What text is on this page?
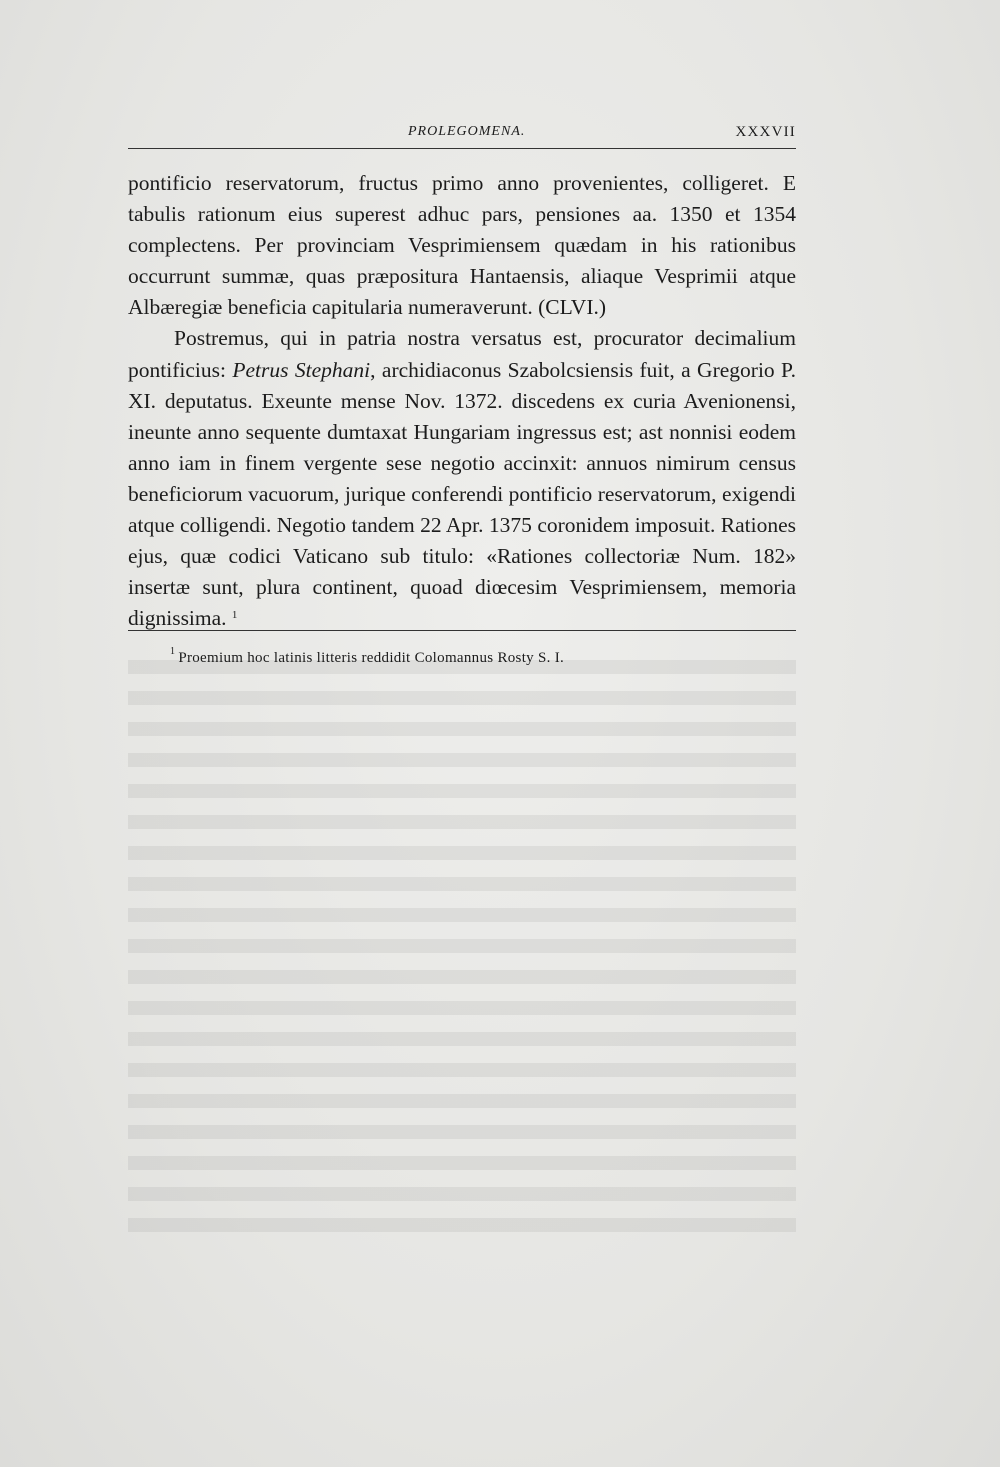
PROLEGOMENA.	XXXVII

pontificio reservatorum, fructus primo anno provenientes, colligeret. E tabulis rationum eius superest adhuc pars, pensiones aa. 1350 et 1354 complectens. Per provinciam Vesprimiensem quædam in his rationibus occurrunt summæ, quas præpositura Hantaensis, aliaque Vesprimii atque Albæregiæ beneficia capitularia numeraverunt. (CLVI.)

Postremus, qui in patria nostra versatus est, procurator decimalium pontificius: Petrus Stephani, archidiaconus Szabolcsiensis fuit, a Gregorio P. XI. deputatus. Exeunte mense Nov. 1372. discedens ex curia Avenionensi, ineunte anno sequente dumtaxat Hungariam ingressus est; ast nonnisi eodem anno iam in finem vergente sese negotio accinxit: annuos nimirum census beneficiorum vacuorum, jurique conferendi pontificio reservatorum, exigendi atque colligendi. Negotio tandem 22 Apr. 1375 coronidem imposuit. Rationes ejus, quæ codici Vaticano sub titulo: «Rationes collectoriæ Num. 182» insertæ sunt, plura continent, quoad diœcesim Vesprimiensem, memoria dignissima. $^1$

$^1$ Proemium hoc latinis litteris reddidit Colomannus Rosty S. I.
